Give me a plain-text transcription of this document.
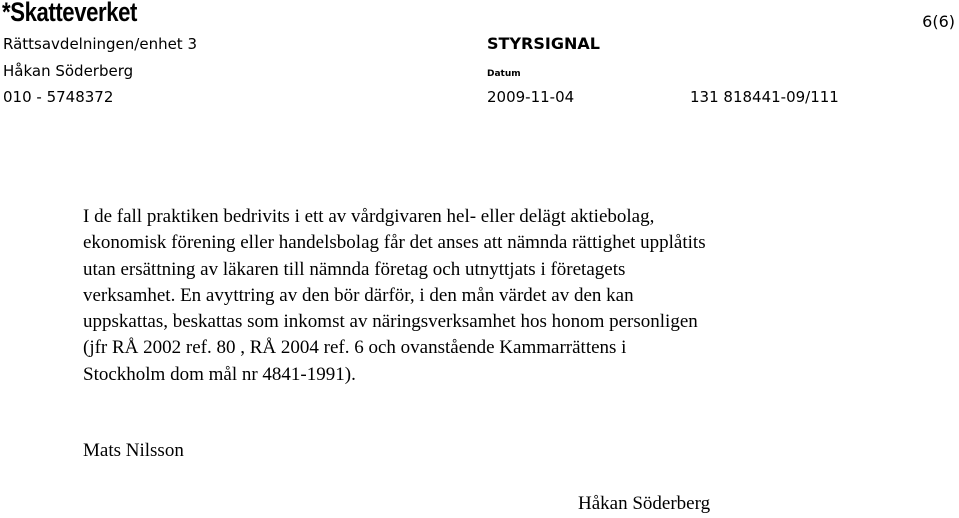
*Skatteverket
Rättsavdelningen/enhet 3
Håkan Söderberg
010 - 5748372
STYRSIGNAL
Datum
2009-11-04	131 818441-09/111
6(6)
I de fall praktiken bedrivits i ett av vårdgivaren hel- eller delägt aktiebolag,
ekonomisk förening eller handelsbolag får det anses att nämnda rättighet upplåtits
utan ersättning av läkaren till nämnda företag och utnyttjats i företagets
verksamhet. En avyttring av den bör därför, i den mån värdet av den kan
uppskattas, beskattas som inkomst av näringsverksamhet hos honom personligen
(jfr RÅ 2002 ref. 80 , RÅ 2004 ref. 6 och ovanstående Kammarrättens i
Stockholm dom mål nr 4841-1991).
Mats Nilsson
Håkan Söderberg
